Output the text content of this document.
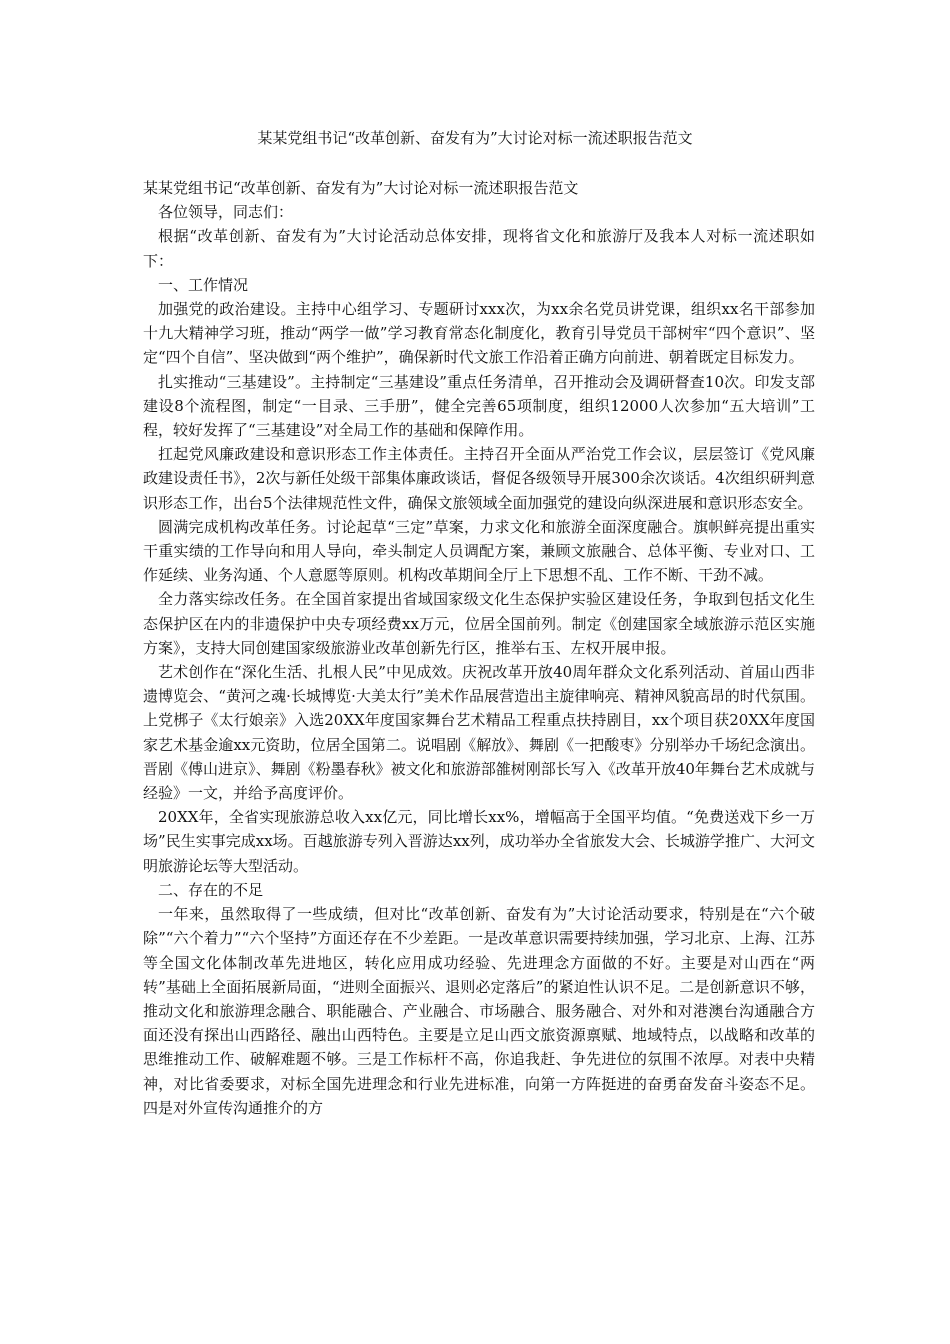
某某党组书记“改革创新、奋发有为”大讨论对标一流述职报告范文

某某党组书记“改革创新、奋发有为”大讨论对标一流述职报告范文

各位领导，同志们：

根据“改革创新、奋发有为”大讨论活动总体安排，现将省文化和旅游厅及我本人对标一流述职如下：

一、工作情况

加强党的政治建设。主持中心组学习、专题研讨xxx次，为xx余名党员讲党课，组织xx名干部参加十九大精神学习班，推动“两学一做”学习教育常态化制度化，教育引导党员干部树牢“四个意识”、坚定“四个自信”、坚决做到“两个维护”，确保新时代文旅工作沿着正确方向前进、朝着既定目标发力。

扎实推动“三基建设”。主持制定“三基建设”重点任务清单，召开推动会及调研督查10次。印发支部建设8个流程图，制定“一目录、三手册”，健全完善65项制度，组织12000人次参加“五大培训”工程，较好发挥了“三基建设”对全局工作的基础和保障作用。

扛起党风廉政建设和意识形态工作主体责任。主持召开全面从严治党工作会议，层层签订《党风廉政建设责任书》，2次与新任处级干部集体廉政谈话，督促各级领导开展300余次谈话。4次组织研判意识形态工作，出台5个法律规范性文件，确保文旅领域全面加强党的建设向纵深进展和意识形态安全。

圆满完成机构改革任务。讨论起草“三定”草案，力求文化和旅游全面深度融合。旗帜鲜亮提出重实干重实绩的工作导向和用人导向，牵头制定人员调配方案，兼顾文旅融合、总体平衡、专业对口、工作延续、业务沟通、个人意愿等原则。机构改革期间全厅上下思想不乱、工作不断、干劲不减。

全力落实综改任务。在全国首家提出省域国家级文化生态保护实验区建设任务，争取到包括文化生态保护区在内的非遗保护中央专项经费xx万元，位居全国前列。制定《创建国家全域旅游示范区实施方案》，支持大同创建国家级旅游业改革创新先行区，推举右玉、左权开展申报。

艺术创作在“深化生活、扎根人民”中见成效。庆祝改革开放40周年群众文化系列活动、首届山西非遗博览会、“黄河之魂·长城博览·大美太行”美术作品展营造出主旋律响亮、精神风貌高昂的时代氛围。上党梆子《太行娘亲》入选20XX年度国家舞台艺术精品工程重点扶持剧目，xx个项目获20XX年度国家艺术基金逾xx元资助，位居全国第二。说唱剧《解放》、舞剧《一把酸枣》分别举办千场纪念演出。晋剧《傅山进京》、舞剧《粉墨春秋》被文化和旅游部雒树刚部长写入《改革开放40年舞台艺术成就与经验》一文，并给予高度评价。

20XX年，全省实现旅游总收入xx亿元，同比增长xx%，增幅高于全国平均值。“免费送戏下乡一万场”民生实事完成xx场。百越旅游专列入晋游达xx列，成功举办全省旅发大会、长城游学推广、大河文明旅游论坛等大型活动。

二、存在的不足

一年来，虽然取得了一些成绩，但对比“改革创新、奋发有为”大讨论活动要求，特别是在“六个破除”“六个着力”“六个坚持”方面还存在不少差距。一是改革意识需要持续加强，学习北京、上海、江苏等全国文化体制改革先进地区，转化应用成功经验、先进理念方面做的不好。主要是对山西在“两转”基础上全面拓展新局面，“进则全面振兴、退则必定落后”的紧迫性认识不足。二是创新意识不够，推动文化和旅游理念融合、职能融合、产业融合、市场融合、服务融合、对外和对港澳台沟通融合方面还没有探出山西路径、融出山西特色。主要是立足山西文旅资源禀赋、地域特点，以战略和改革的思维推动工作、破解难题不够。三是工作标杆不高，你追我赶、争先进位的氛围不浓厚。对表中央精神，对比省委要求，对标全国先进理念和行业先进标准，向第一方阵挺进的奋勇奋发奋斗姿态不足。四是对外宣传沟通推介的方
